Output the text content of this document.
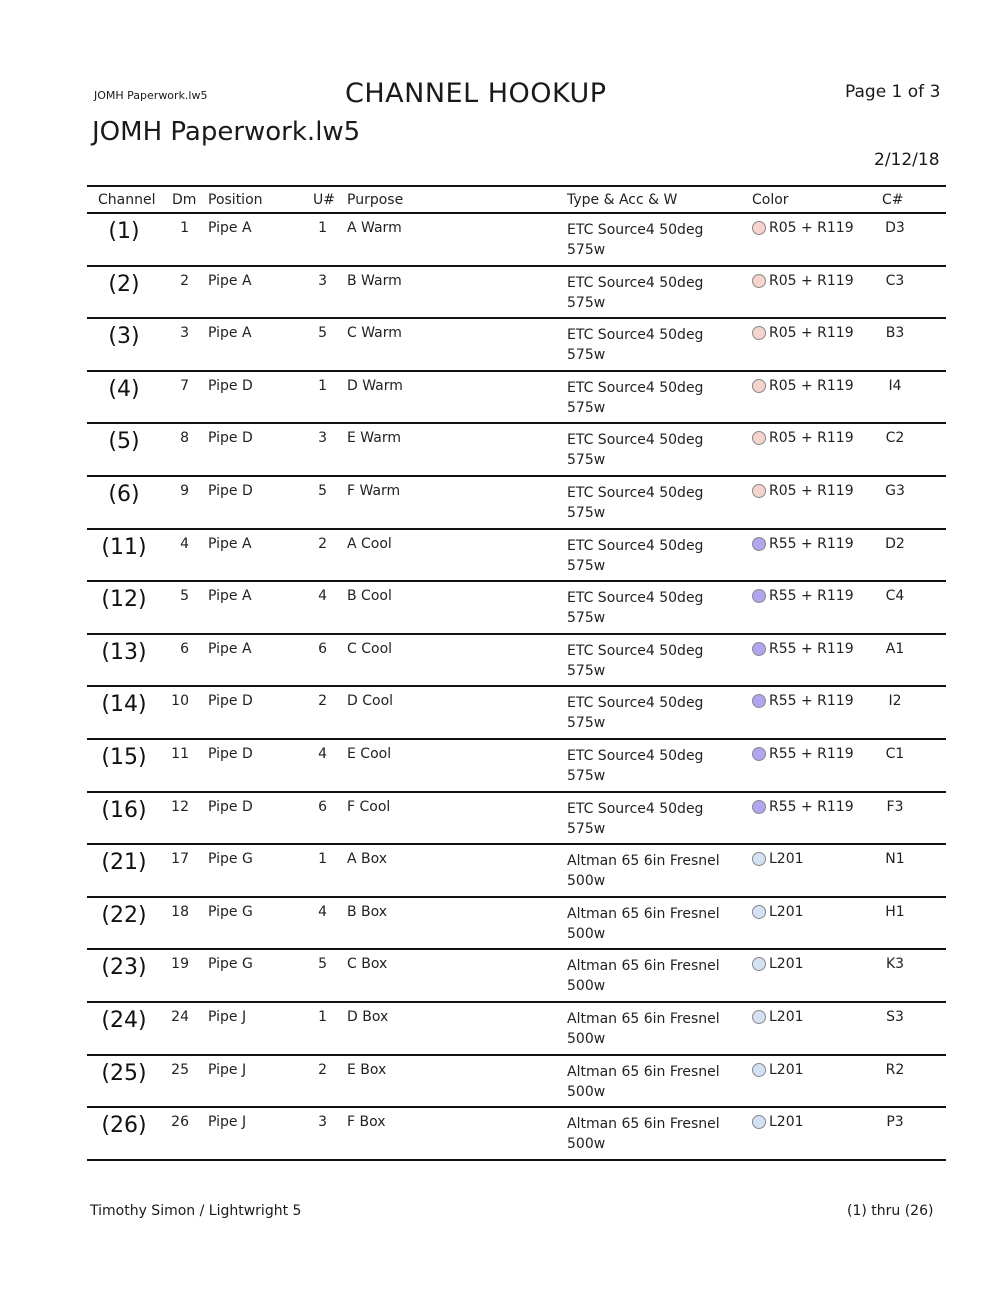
JOMH Paperwork.lw5	CHANNEL HOOKUP	Page 1 of 3
JOMH Paperwork.lw5
2/12/18
Channel Dm Position	U# Purpose	Type & Acc & W	Color	C#
(1)	1 Pipe A	1 A Warm	ETC Source4 50deg
575w
R05 + R119	D3
(2)	2 Pipe A	3 B Warm	ETC Source4 50deg
575w
R05 + R119	C3
(3)	3 Pipe A	5 C Warm	ETC Source4 50deg
575w
R05 + R119	B3
(4)	7 Pipe D	1 D Warm	ETC Source4 50deg
575w
R05 + R119	I4
(5)	8 Pipe D	3 E Warm	ETC Source4 50deg
575w
R05 + R119	C2
(6)	9 Pipe D	5 F Warm	ETC Source4 50deg
575w
R05 + R119	G3
(11)	4 Pipe A	2 A Cool	ETC Source4 50deg
575w
R55 + R119	D2
(12)	5 Pipe A	4 B Cool	ETC Source4 50deg
575w
R55 + R119	C4
(13)	6 Pipe A	6 C Cool	ETC Source4 50deg
575w
R55 + R119	A1
(14)	10 Pipe D	2 D Cool	ETC Source4 50deg
575w
R55 + R119	I2
(15)	11 Pipe D	4 E Cool	ETC Source4 50deg
575w
R55 + R119	C1
(16)	12 Pipe D	6 F Cool	ETC Source4 50deg
575w
R55 + R119	F3
(21)	17 Pipe G	1 A Box	Altman 65 6in Fresnel
500w
L201	N1
(22)	18 Pipe G	4 B Box	Altman 65 6in Fresnel
500w
L201	H1
(23)	19 Pipe G	5 C Box	Altman 65 6in Fresnel
500w
L201	K3
(24)	24 Pipe J	1 D Box	Altman 65 6in Fresnel
500w
L201	S3
(25)	25 Pipe J	2 E Box	Altman 65 6in Fresnel
500w
L201	R2
(26)	26 Pipe J	3 F Box	Altman 65 6in Fresnel
500w
L201	P3
Timothy Simon / Lightwright 5	(1) thru (26)
